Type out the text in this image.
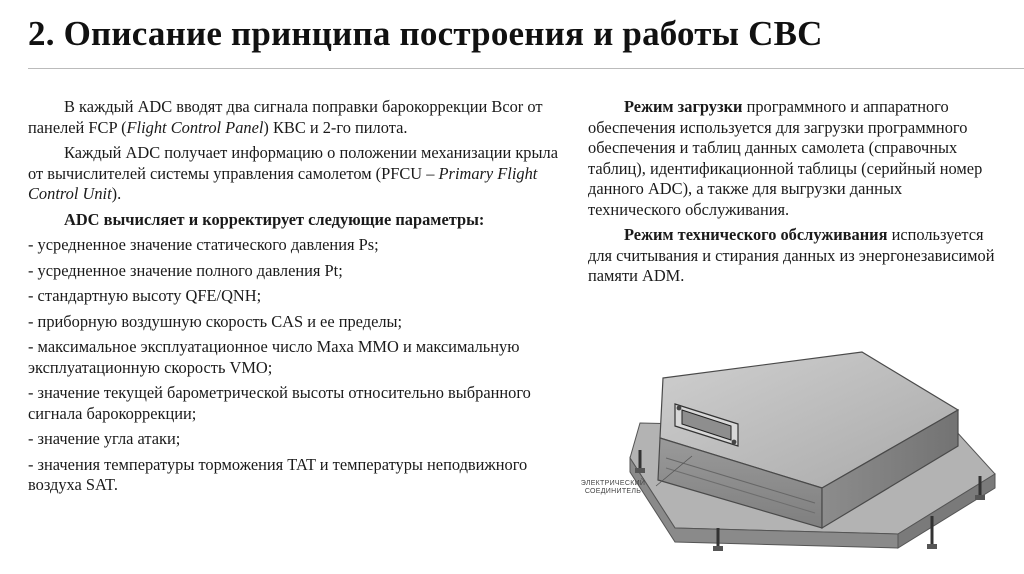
2. Описание принципа построения и работы СВС

В каждый ADC вводят два сигнала поправки барокоррекции Bcor от панелей FCP (Flight Control Panel) КВС и 2-го пилота.

Каждый ADC получает информацию о положении механизации крыла от вычислителей системы управления самолетом (PFCU – Primary Flight Control Unit).

ADC вычисляет и корректирует следующие параметры:

- усредненное значение статического давления Ps;

- усредненное значение полного давления Pt;

- стандартную высоту QFE/QNH;

- приборную воздушную скорость CAS и ее пределы;

- максимальное эксплуатационное число Маха MMO и максимальную эксплуатационную скорость VMO;

- значение текущей барометрической высоты относительно выбранного сигнала барокоррекции;

- значение угла атаки;

- значения температуры торможения TAT и температуры неподвижного воздуха SAT.

Режим загрузки программного и аппаратного обеспечения используется для загрузки программного обеспечения и таблиц данных самолета (справочных таблиц), идентификационной таблицы (серийный номер данного ADC), а также для выгрузки данных технического обслуживания.

Режим технического обслуживания используется для считывания и стирания данных из энергонезависимой памяти ADM.

ЭЛЕКТРИЧЕСКИЙ
СОЕДИНИТЕЛЬ
